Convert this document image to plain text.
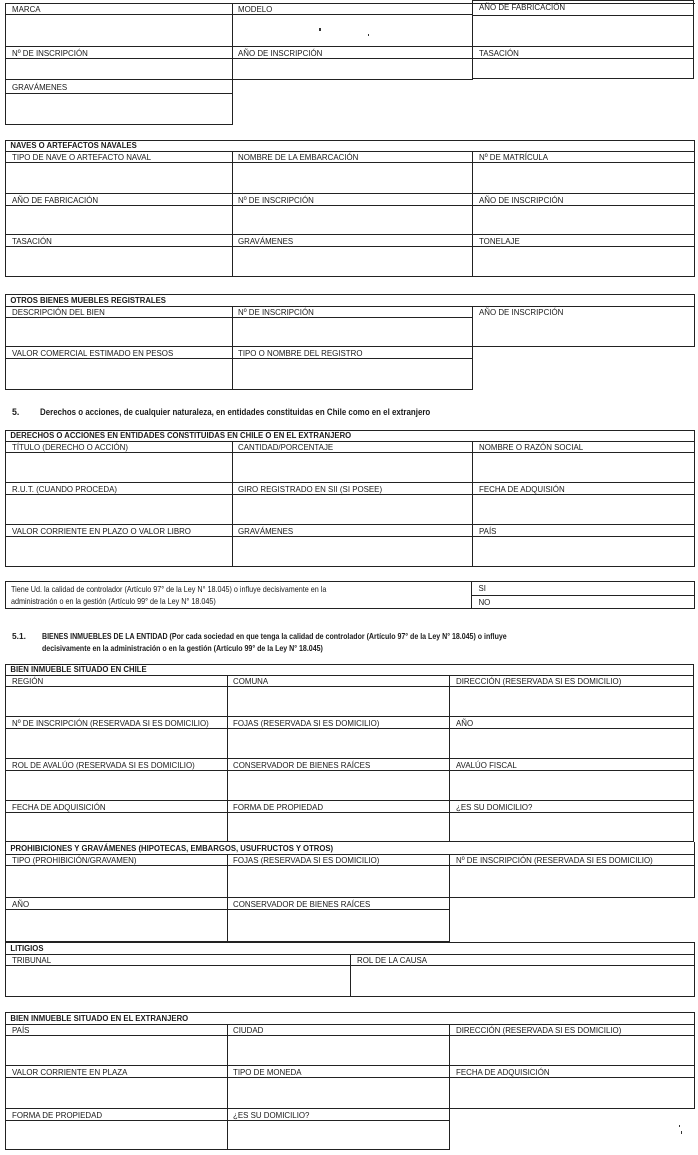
MARCA	MODELO	AÑO DE FABRICACIÓN
Nº DE INSCRIPCIÓN	AÑO DE INSCRIPCIÓN	TASACIÓN
GRAVÁMENES
NAVES O ARTEFACTOS NAVALES
TIPO DE NAVE O ARTEFACTO NAVAL	NOMBRE DE LA EMBARCACIÓN	Nº DE MATRÍCULA
AÑO DE FABRICACIÓN	Nº DE INSCRIPCIÓN	AÑO DE INSCRIPCIÓN
TASACIÓN	GRAVÁMENES	TONELAJE
OTROS BIENES MUEBLES REGISTRALES
DESCRIPCIÓN DEL BIEN	Nº DE INSCRIPCIÓN	AÑO DE INSCRIPCIÓN
VALOR COMERCIAL ESTIMADO EN PESOS	TIPO O NOMBRE DEL REGISTRO
5. Derechos o acciones, de cualquier naturaleza, en entidades constituidas en Chile como en el extranjero
DERECHOS O ACCIONES EN ENTIDADES CONSTITUIDAS EN CHILE O EN EL EXTRANJERO
TÍTULO (DERECHO O ACCIÓN)	CANTIDAD/PORCENTAJE	NOMBRE O RAZÓN SOCIAL
R.U.T. (CUANDO PROCEDA)	GIRO REGISTRADO EN SII (SI POSEE)	FECHA DE ADQUISIÓN
VALOR CORRIENTE EN PLAZO O VALOR LIBRO	GRAVÁMENES	PAÍS
Tiene Ud. la calidad de controlador (Artículo 97° de la Ley N° 18.045) o influye decisivamente en la
administración o en la gestión (Artículo 99° de la Ley N° 18.045)
SI
NO
5.1. BIENES INMUEBLES DE LA ENTIDAD (Por cada sociedad en que tenga la calidad de controlador (Artículo 97° de la Ley N° 18.045) o influye
decisivamente en la administración o en la gestión (Artículo 99° de la Ley N° 18.045)
BIEN INMUEBLE SITUADO EN CHILE
REGIÓN	COMUNA	DIRECCIÓN (RESERVADA SI ES DOMICILIO)
Nº DE INSCRIPCIÓN (RESERVADA SI ES DOMICILIO)	FOJAS (RESERVADA SI ES DOMICILIO)	AÑO
ROL DE AVALÚO (RESERVADA SI ES DOMICILIO)	CONSERVADOR DE BIENES RAÍCES	AVALÚO FISCAL
FECHA DE ADQUISICIÓN	FORMA DE PROPIEDAD	¿ES SU DOMICILIO?
PROHIBICIONES Y GRAVÁMENES (HIPOTECAS, EMBARGOS, USUFRUCTOS Y OTROS)
TIPO (PROHIBICIÓN/GRAVAMEN)	FOJAS (RESERVADA SI ES DOMICILIO)	Nº DE INSCRIPCIÓN (RESERVADA SI ES DOMICILIO)
AÑO	CONSERVADOR DE BIENES RAÍCES
LITIGIOS
TRIBUNAL	ROL DE LA CAUSA
BIEN INMUEBLE SITUADO EN EL EXTRANJERO
PAÍS	CIUDAD	DIRECCIÓN (RESERVADA SI ES DOMICILIO)
VALOR CORRIENTE EN PLAZA	TIPO DE MONEDA	FECHA DE ADQUISICIÓN
FORMA DE PROPIEDAD	¿ES SU DOMICILIO?
